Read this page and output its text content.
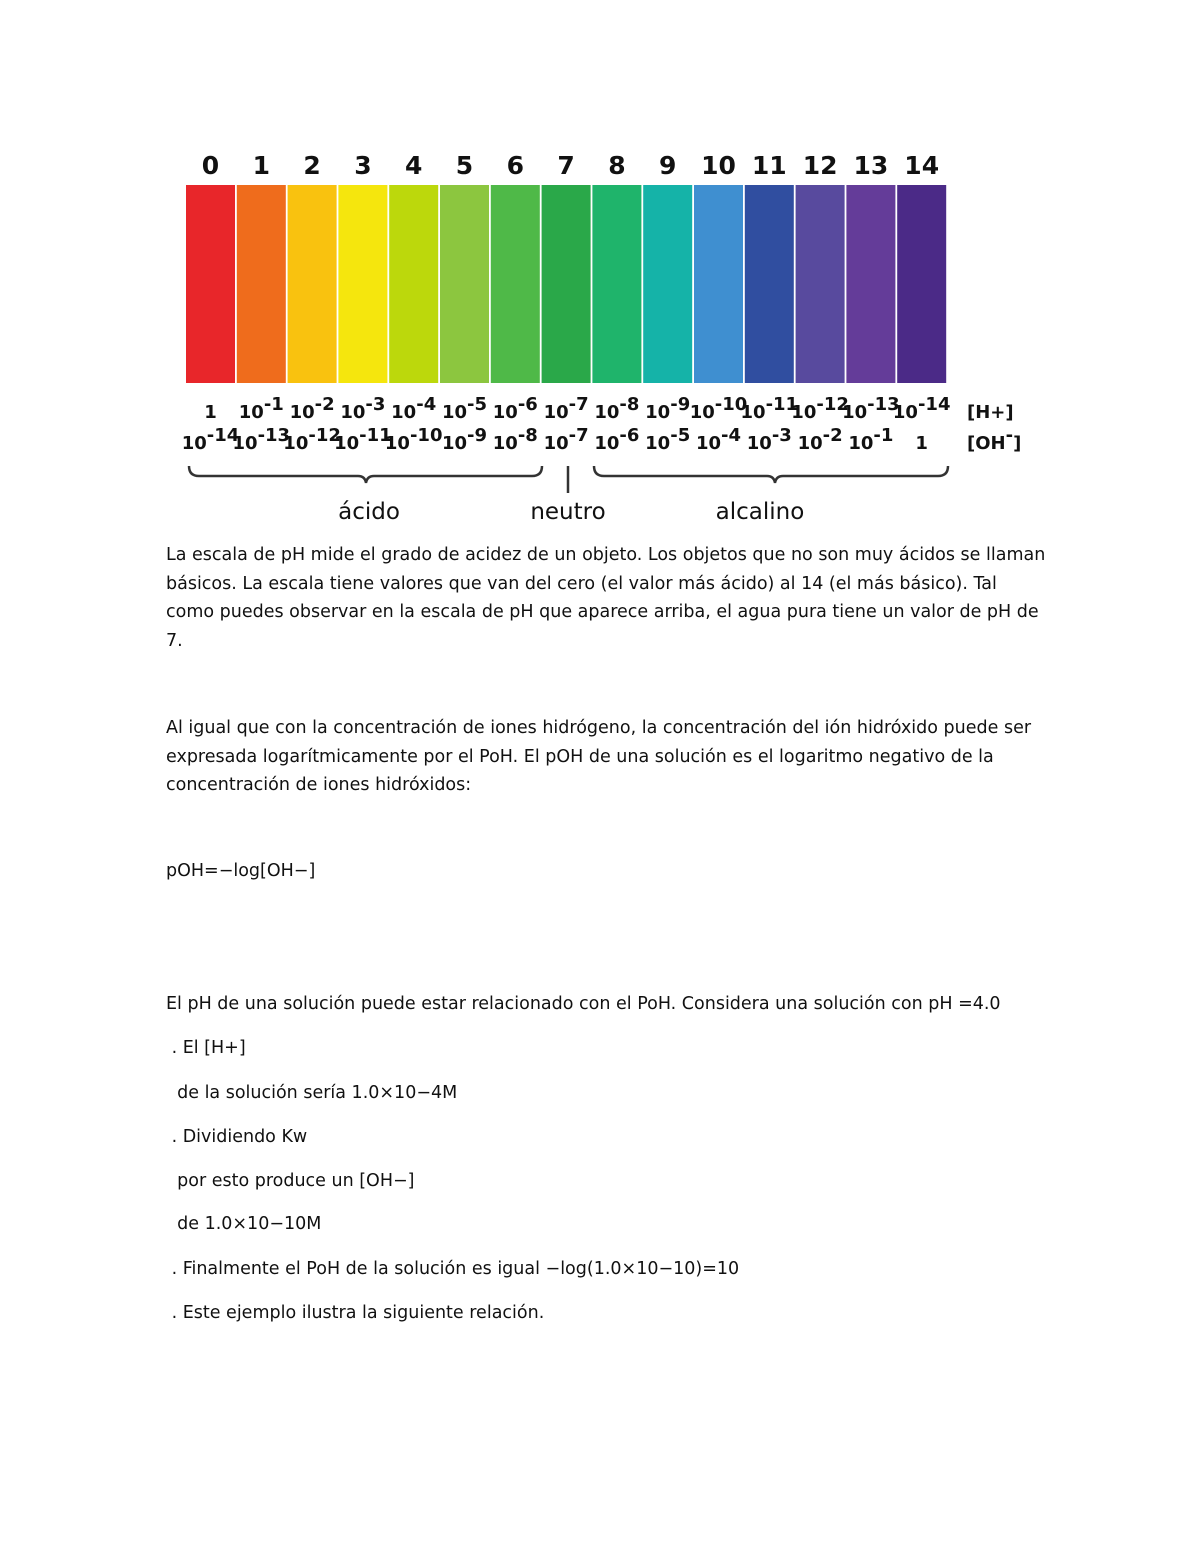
0 1 2 3 4 5 6 7 8 9 10 11 12 13 14
1 10-1 10-2 10-3 10-4 10-5 10-6 10-7 10-8 10-9 10-10
10-11
10-12
10-13
10-14
10-14
10-13
10-12
10-11
10-10 10-9 10-8 10-7 10-6 10-5 10-4 10-3 10-2 10-1 1
[H+]
[OH-]
ácido	neutro	alcalino

La escala de pH mide el grado de acidez de un objeto. Los objetos que no son muy ácidos se llaman básicos. La escala tiene valores que van del cero (el valor más ácido) al 14 (el más básico). Tal como puedes observar en la escala de pH que aparece arriba, el agua pura tiene un valor de pH de 7.

Al igual que con la concentración de iones hidrógeno, la concentración del ión hidróxido puede ser expresada logarítmicamente por el PoH. El pOH de una solución es el logaritmo negativo de la concentración de iones hidróxidos:

pOH=−log[OH−]
El pH de una solución puede estar relacionado con el PoH. Considera una solución con pH =4.0
. El [H+]
de la solución sería 1.0×10−4M
. Dividiendo Kw
por esto produce un [OH−]
de 1.0×10−10M
. Finalmente el PoH de la solución es igual −log(1.0×10−10)=10
. Este ejemplo ilustra la siguiente relación.
